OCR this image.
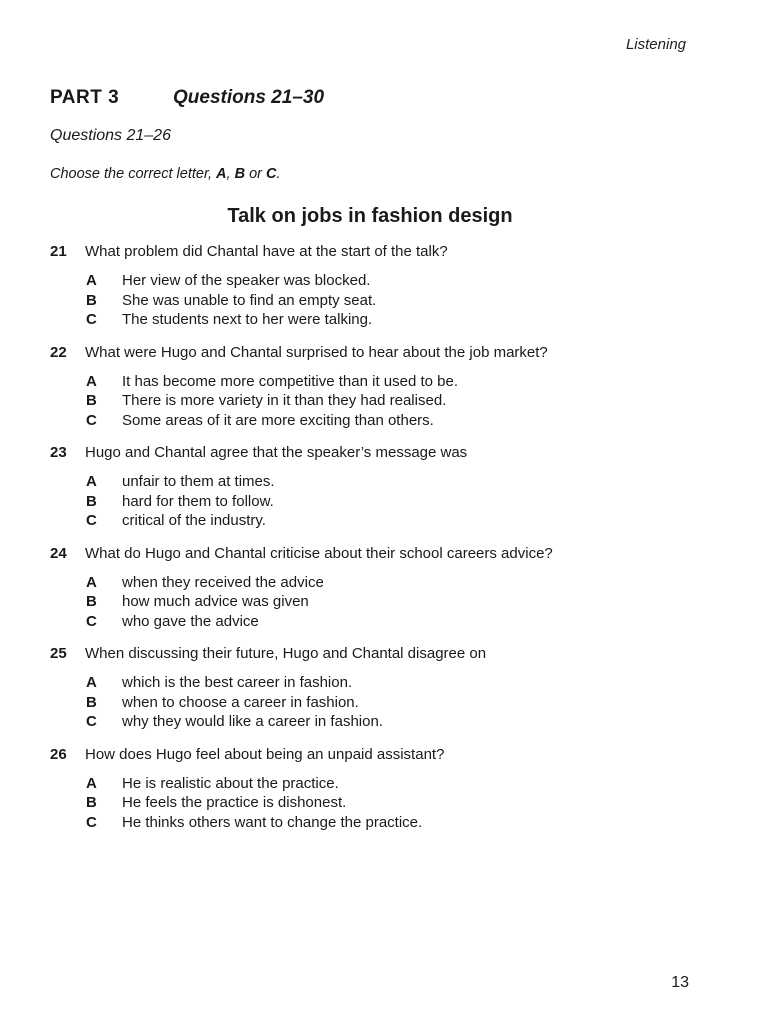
Listening
PART 3	Questions 21–30
Questions 21–26
Choose the correct letter, A, B or C.
Talk on jobs in fashion design
21	What problem did Chantal have at the start of the talk?
A	Her view of the speaker was blocked.
B	She was unable to find an empty seat.
C	The students next to her were talking.
22	What were Hugo and Chantal surprised to hear about the job market?
A	It has become more competitive than it used to be.
B	There is more variety in it than they had realised.
C	Some areas of it are more exciting than others.
23	Hugo and Chantal agree that the speaker’s message was
A	unfair to them at times.
B	hard for them to follow.
C	critical of the industry.
24	What do Hugo and Chantal criticise about their school careers advice?
A	when they received the advice
B	how much advice was given
C	who gave the advice
25	When discussing their future, Hugo and Chantal disagree on
A	which is the best career in fashion.
B	when to choose a career in fashion.
C	why they would like a career in fashion.
26	How does Hugo feel about being an unpaid assistant?
A	He is realistic about the practice.
B	He feels the practice is dishonest.
C	He thinks others want to change the practice.
13
